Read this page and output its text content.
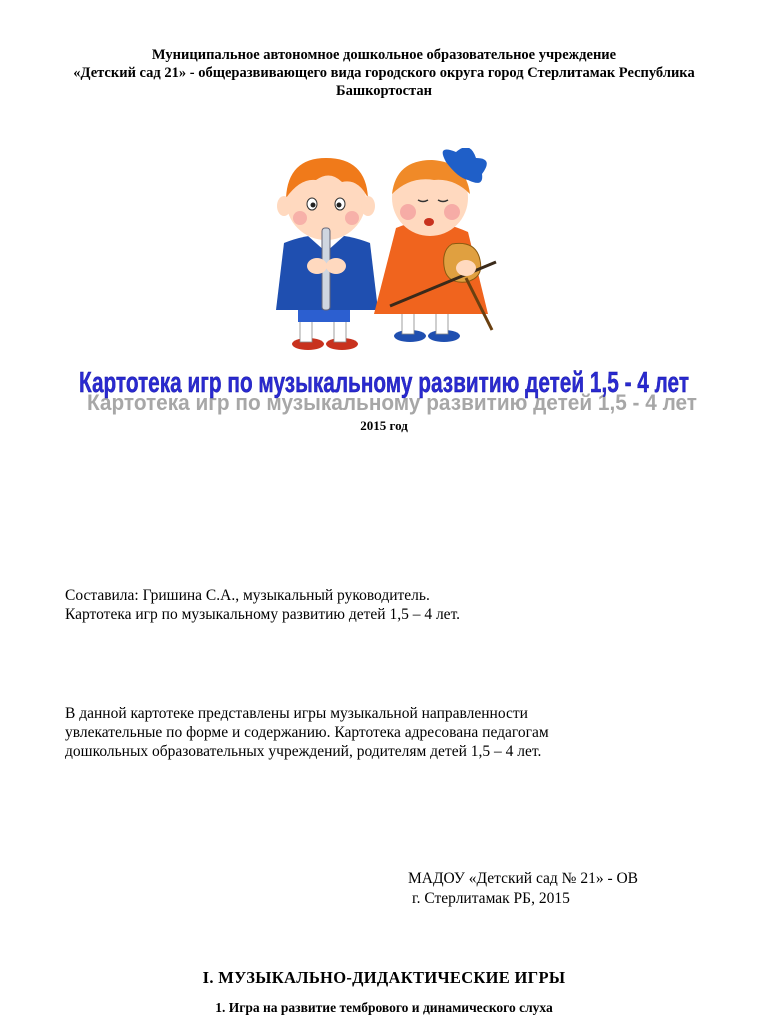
Муниципальное автономное дошкольное образовательное учреждение
«Детский сад 21» - общеразвивающего вида городского округа город Стерлитамак Республика
Башкортостан
Картотека игр по музыкальному развитию детей 1,5 - 4 лет
Картотека игр по музыкальному развитию детей 1,5 - 4 лет
2015 год
Составила: Гришина С.А., музыкальный руководитель.
Картотека игр по музыкальному развитию детей 1,5 – 4 лет.
В данной картотеке представлены игры музыкальной направленности
увлекательные по форме и содержанию. Картотека адресована педагогам
дошкольных образовательных учреждений, родителям детей 1,5 – 4 лет.
МАДОУ «Детский сад № 21» - ОВ
г. Стерлитамак РБ, 2015
I. МУЗЫКАЛЬНО-ДИДАКТИЧЕСКИЕ ИГРЫ
1. Игра на развитие тембрового и динамического слуха
